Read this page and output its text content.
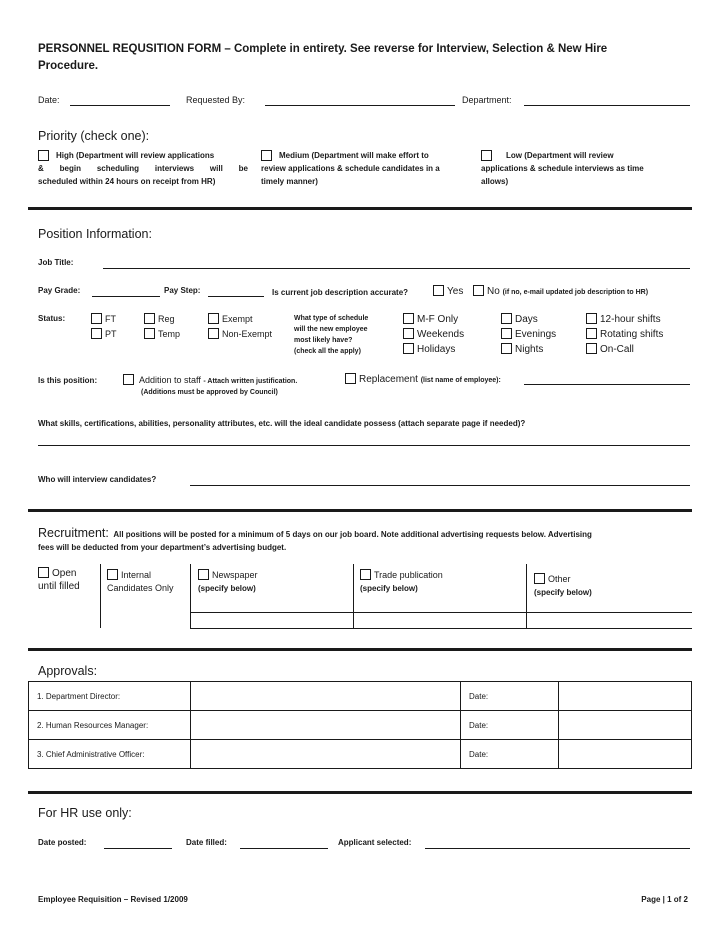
PERSONNEL REQUSITION FORM – Complete in entirety. See reverse for Interview, Selection & New Hire
Procedure.
Date:	Requested By:	Department:
Priority (check one):
High (Department will review applications
& begin scheduling interviews will be
scheduled within 24 hours on receipt from HR)
Medium (Department will make effort to
review applications & schedule candidates in a
timely manner)
Low (Department will review
applications & schedule interviews as time
allows)
Position Information:
Job Title:
Pay Grade:	Pay Step:	Is current job description accurate?	Yes	No (if no, e-mail updated job description to HR)
Status:	FT
PT
Reg
Temp
Exempt
Non-Exempt
What type of schedule
will the new employee
most likely have?
(check all the apply)
M-F Only
Weekends
Holidays
Days
Evenings
Nights
12-hour shifts
Rotating shifts
On-Call
Is this position:	Addition to staff - Attach written justification.
(Additions must be approved by Council)
Replacement (list name of employee):
What skills, certifications, abilities, personality attributes, etc. will the ideal candidate possess (attach separate page if needed)?
Who will interview candidates?
Recruitment: All positions will be posted for a minimum of 5 days on our job board. Note additional advertising requests below. Advertising
fees will be deducted from your department’s advertising budget.
Open
until filled
Internal
Candidates Only
Newspaper
(specify below)
Trade publication
(specify below)
Other
(specify below)
Approvals:
1. Department Director:		Date:	
2. Human Resources Manager:		Date:	
3. Chief Administrative Officer:		Date:	
For HR use only:
Date posted:	Date filled:	Applicant selected:
Employee Requisition – Revised 1/2009	Page | 1 of 2
